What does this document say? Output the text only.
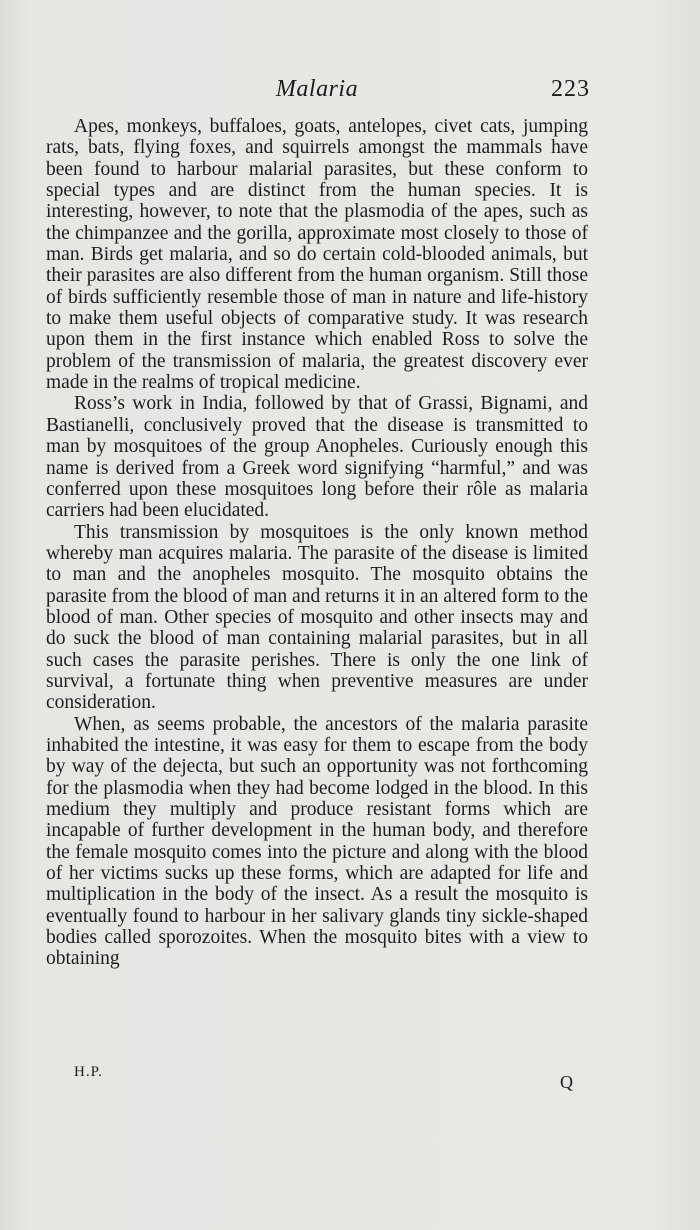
Malaria	223

Apes, monkeys, buffaloes, goats, antelopes, civet cats, jumping rats, bats, flying foxes, and squirrels amongst the mammals have been found to harbour malarial parasites, but these conform to special types and are distinct from the human species. It is interesting, however, to note that the plasmodia of the apes, such as the chimpanzee and the gorilla, approximate most closely to those of man. Birds get malaria, and so do certain cold-blooded animals, but their parasites are also different from the human organism. Still those of birds sufficiently resemble those of man in nature and life-history to make them useful objects of comparative study. It was research upon them in the first instance which enabled Ross to solve the problem of the transmission of malaria, the greatest discovery ever made in the realms of tropical medicine.

Ross’s work in India, followed by that of Grassi, Bignami, and Bastianelli, conclusively proved that the disease is transmitted to man by mosquitoes of the group Anopheles. Curiously enough this name is derived from a Greek word signifying “harmful,” and was conferred upon these mosquitoes long before their rôle as malaria carriers had been elucidated.

This transmission by mosquitoes is the only known method whereby man acquires malaria. The parasite of the disease is limited to man and the anopheles mosquito. The mosquito obtains the parasite from the blood of man and returns it in an altered form to the blood of man. Other species of mosquito and other insects may and do suck the blood of man containing malarial parasites, but in all such cases the parasite perishes. There is only the one link of survival, a fortunate thing when preventive measures are under consideration.

When, as seems probable, the ancestors of the malaria parasite inhabited the intestine, it was easy for them to escape from the body by way of the dejecta, but such an opportunity was not forthcoming for the plasmodia when they had become lodged in the blood. In this medium they multiply and produce resistant forms which are incapable of further development in the human body, and therefore the female mosquito comes into the picture and along with the blood of her victims sucks up these forms, which are adapted for life and multiplication in the body of the insect. As a result the mosquito is eventually found to harbour in her salivary glands tiny sickle-shaped bodies called sporozoites. When the mosquito bites with a view to obtaining

H.P.	Q
